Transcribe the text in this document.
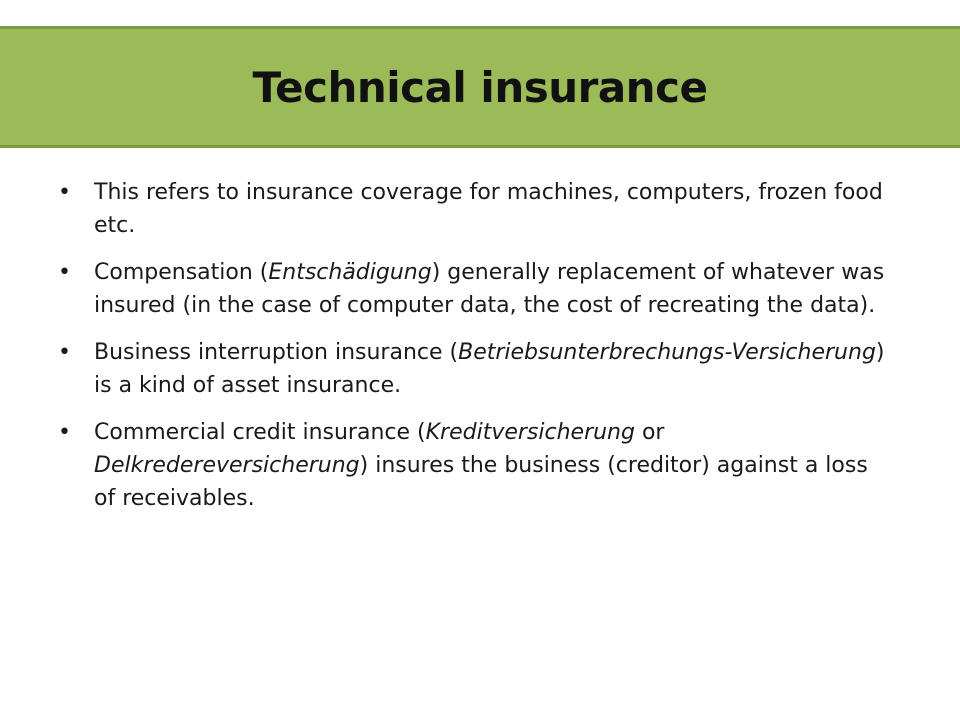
Technical insurance
• This refers to insurance coverage for machines, computers, frozen food etc.
• Compensation (Entschädigung) generally replacement of whatever was insured (in the case of computer data, the cost of recreating the data).
• Business interruption insurance (Betriebsunterbrechungs-Versicherung) is a kind of asset insurance.
• Commercial credit insurance (Kreditversicherung or Delkredereversicherung) insures the business (creditor) against a loss of receivables.
